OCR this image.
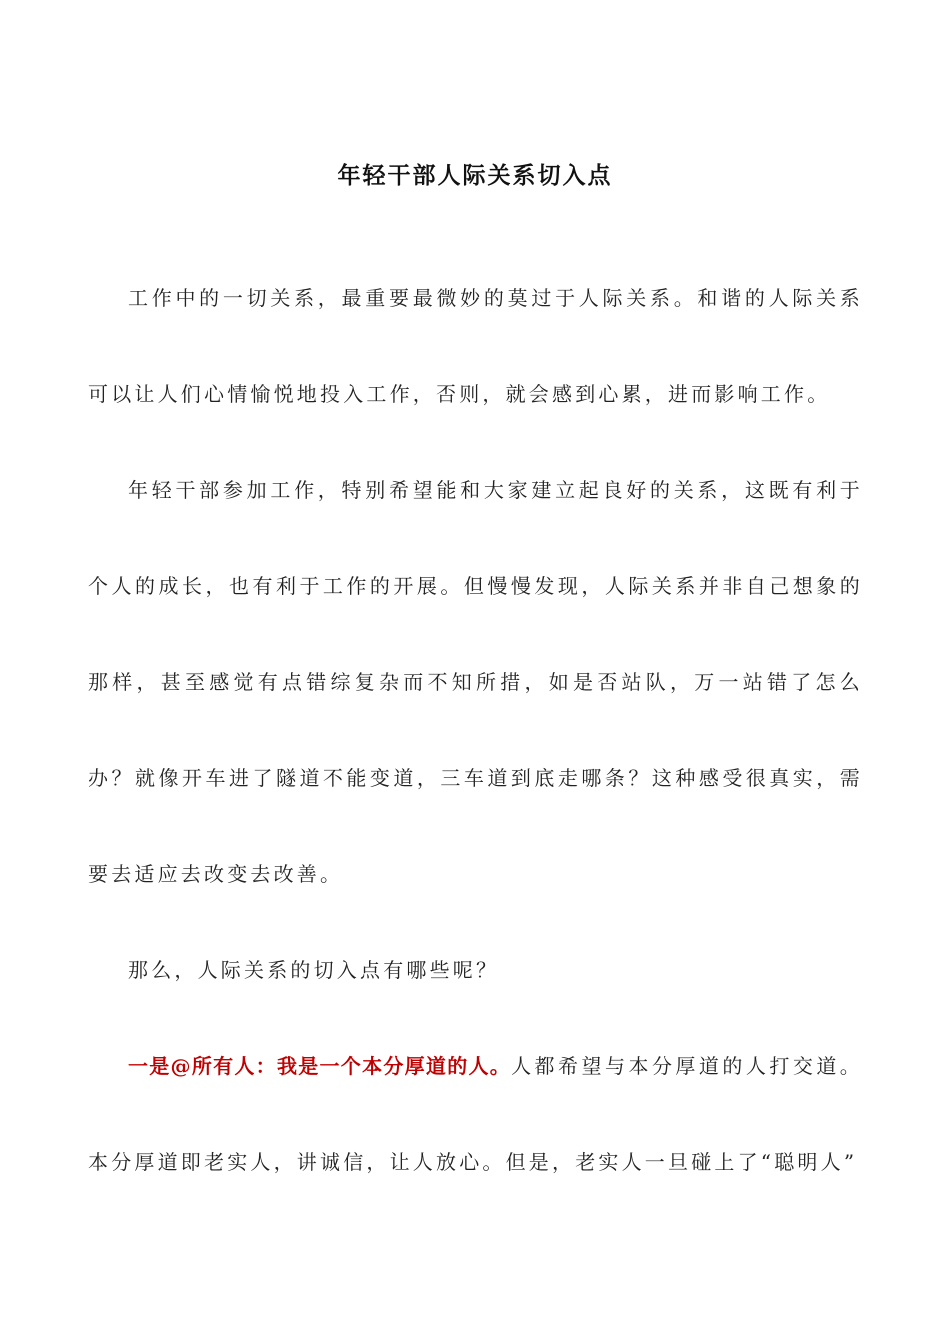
年轻干部人际关系切入点

工作中的一切关系，最重要最微妙的莫过于人际关系。和谐的人际关系可以让人们心情愉悦地投入工作，否则，就会感到心累，进而影响工作。

年轻干部参加工作，特别希望能和大家建立起良好的关系，这既有利于个人的成长，也有利于工作的开展。但慢慢发现，人际关系并非自己想象的那样，甚至感觉有点错综复杂而不知所措，如是否站队，万一站错了怎么办？就像开车进了隧道不能变道，三车道到底走哪条？这种感受很真实，需要去适应去改变去改善。

那么，人际关系的切入点有哪些呢？

一是@所有人：我是一个本分厚道的人。人都希望与本分厚道的人打交道。本分厚道即老实人，讲诚信，让人放心。但是，老实人一旦碰上了“聪明人”
